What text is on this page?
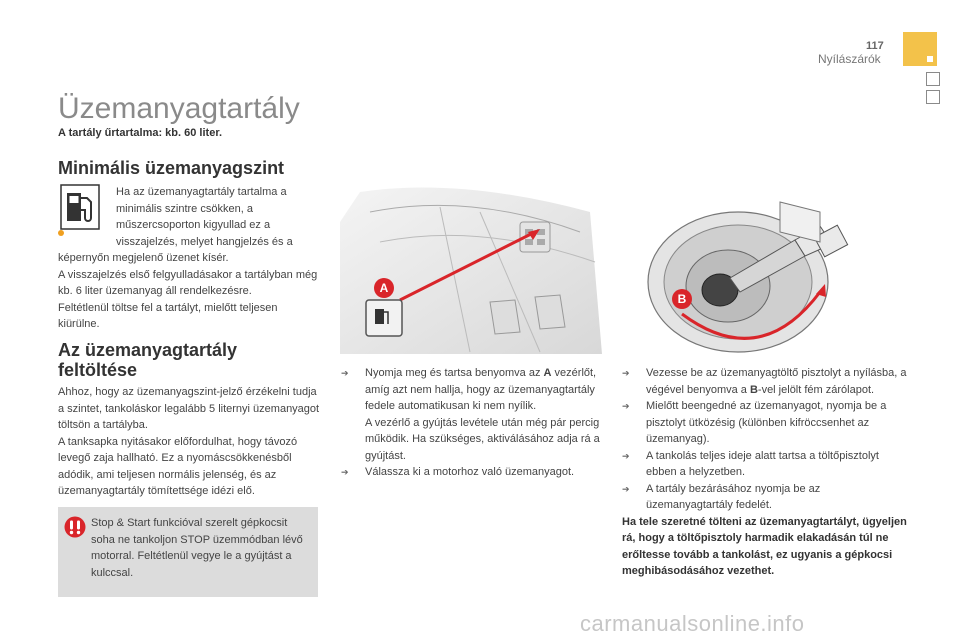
117
Nyílászárók
Üzemanyagtartály
A tartály űrtartalma: kb. 60 liter.
Minimális üzemanyagszint
Ha az üzemanyagtartály tartalma a minimális szintre csökken, a műszercsoporton kigyullad ez a visszajelzés, melyet hangjelzés és a
képernyőn megjelenő üzenet kísér.
A visszajelzés első felgyulladásakor a tartályban még kb. 6 liter üzemanyag áll rendelkezésre.
Feltétlenül töltse fel a tartályt, mielőtt teljesen kiürülne.
Az üzemanyagtartály feltöltése
Ahhoz, hogy az üzemanyagszint-jelző érzékelni tudja a szintet, tankoláskor legalább 5 liternyi üzemanyagot töltsön a tartályba.
A tanksapka nyitásakor előfordulhat, hogy távozó levegő zaja hallható. Ez a nyomáscsökkenésből adódik, ami teljesen normális jelenség, és az üzemanyagtartály tömítettsége idézi elő.
Stop & Start funkcióval szerelt gépkocsit soha ne tankoljon STOP üzemmódban lévő motorral. Feltétlenül vegye le a gyújtást a kulccsal.
A
B
➔ Nyomja meg és tartsa benyomva az A vezérlőt, amíg azt nem hallja, hogy az üzemanyagtartály fedele automatikusan ki nem nyílik.
A vezérlő a gyújtás levétele után még pár percig működik. Ha szükséges, aktiválásához adja rá a gyújtást.
➔ Válassza ki a motorhoz való üzemanyagot.
➔ Vezesse be az üzemanyagtöltő pisztolyt a nyílásba, a végével benyomva a B-vel jelölt fém zárólapot.
➔ Mielőtt beengedné az üzemanyagot, nyomja be a pisztolyt ütközésig (különben kifröccsenhet az üzemanyag).
➔ A tankolás teljes ideje alatt tartsa a töltőpisztolyt ebben a helyzetben.
➔ A tartály bezárásához nyomja be az üzemanyagtartály fedelét.
Ha tele szeretné tölteni az üzemanyagtartályt, ügyeljen rá, hogy a töltőpisztoly harmadik elakadásán túl ne erőltesse tovább a tankolást, ez ugyanis a gépkocsi meghibásodásához vezethet.
carmanualsonline.info
